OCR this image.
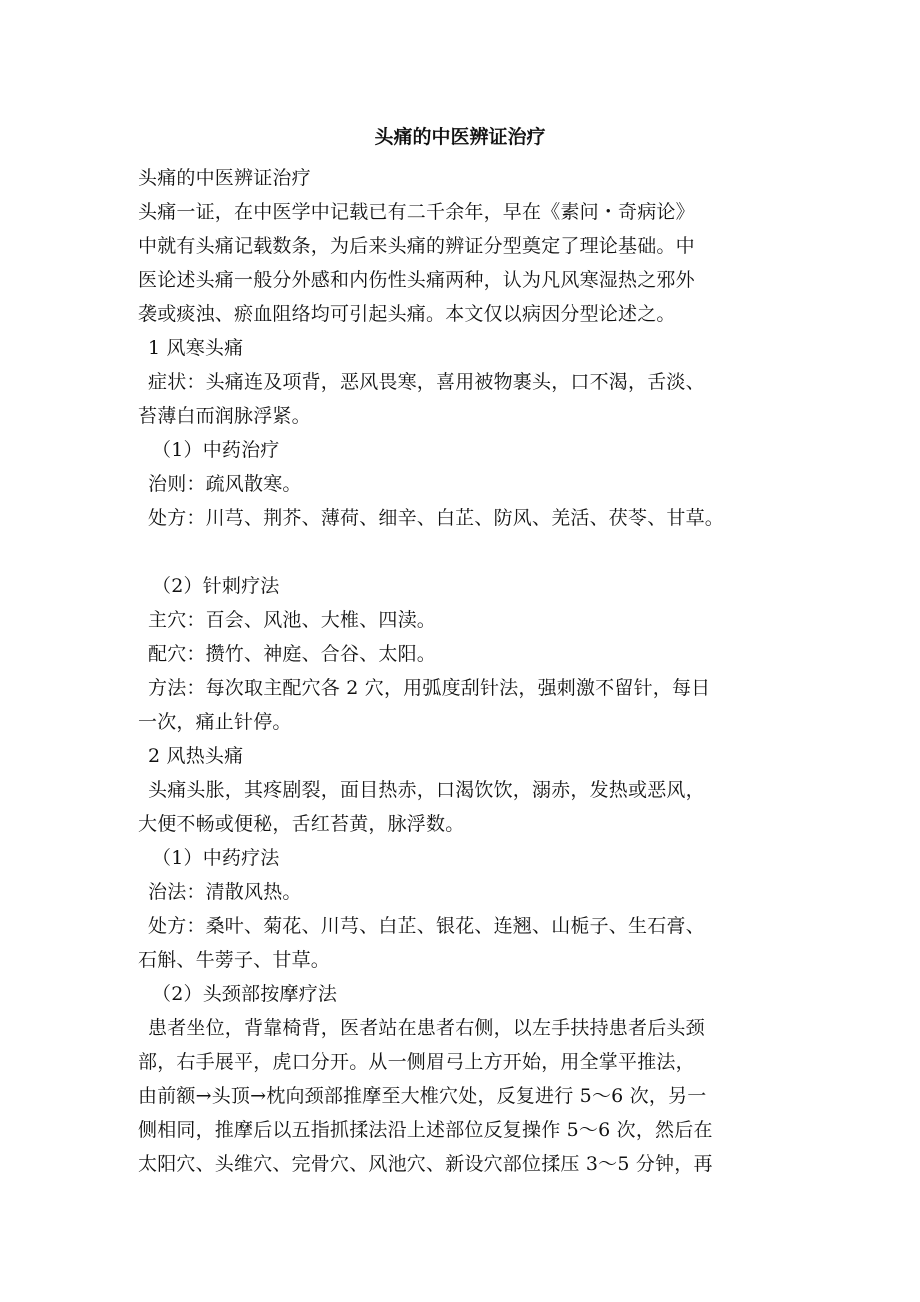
头痛的中医辨证治疗
头痛的中医辨证治疗
头痛一证，在中医学中记载已有二千余年，早在《素问・奇病论》
中就有头痛记载数条，为后来头痛的辨证分型奠定了理论基础。中
医论述头痛一般分外感和内伤性头痛两种，认为凡风寒湿热之邪外
袭或痰浊、瘀血阻络均可引起头痛。本文仅以病因分型论述之。
1 风寒头痛
症状：头痛连及项背，恶风畏寒，喜用被物裹头，口不渴，舌淡、
苔薄白而润脉浮紧。
（1）中药治疗
治则：疏风散寒。
处方：川芎、荆芥、薄荷、细辛、白芷、防风、羌活、茯苓、甘草。
（2）针刺疗法
主穴：百会、风池、大椎、四渎。
配穴：攒竹、神庭、合谷、太阳。
方法：每次取主配穴各 2 穴，用弧度刮针法，强刺激不留针，每日
一次，痛止针停。
2 风热头痛
头痛头胀，其疼剧裂，面目热赤，口渴饮饮，溺赤，发热或恶风，
大便不畅或便秘，舌红苔黄，脉浮数。
（1）中药疗法
治法：清散风热。
处方：桑叶、菊花、川芎、白芷、银花、连翘、山栀子、生石膏、
石斛、牛蒡子、甘草。
（2）头颈部按摩疗法
患者坐位，背靠椅背，医者站在患者右侧，以左手扶持患者后头颈
部，右手展平，虎口分开。从一侧眉弓上方开始，用全掌平推法，
由前额→头顶→枕向颈部推摩至大椎穴处，反复进行 5～6 次，另一
侧相同，推摩后以五指抓揉法沿上述部位反复操作 5～6 次，然后在
太阳穴、头维穴、完骨穴、风池穴、新设穴部位揉压 3～5 分钟，再
